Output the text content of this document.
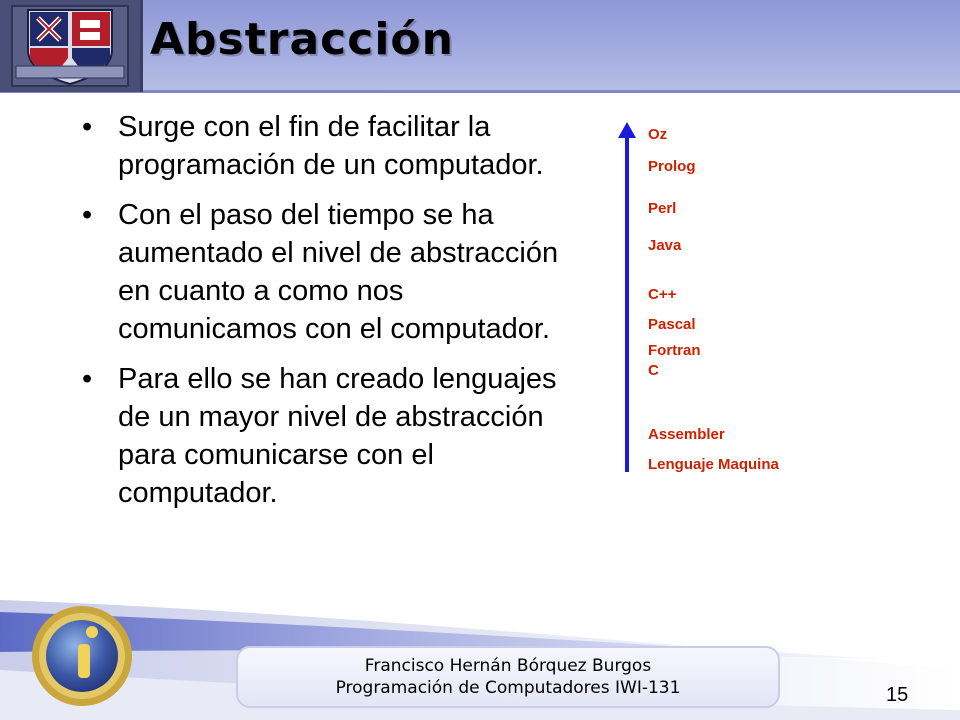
Abstracción
• Surge con el fin de facilitar la programación de un computador.
• Con el paso del tiempo se ha aumentado el nivel de abstracción en cuanto a como nos comunicamos con el computador.
• Para ello se han creado lenguajes de un mayor nivel de abstracción para comunicarse con el computador.
Oz
Prolog
Perl
Java
C++
Pascal
Fortran
C
Assembler
Lenguaje Maquina
Francisco Hernán Bórquez Burgos
Programación de Computadores IWI-131	15
